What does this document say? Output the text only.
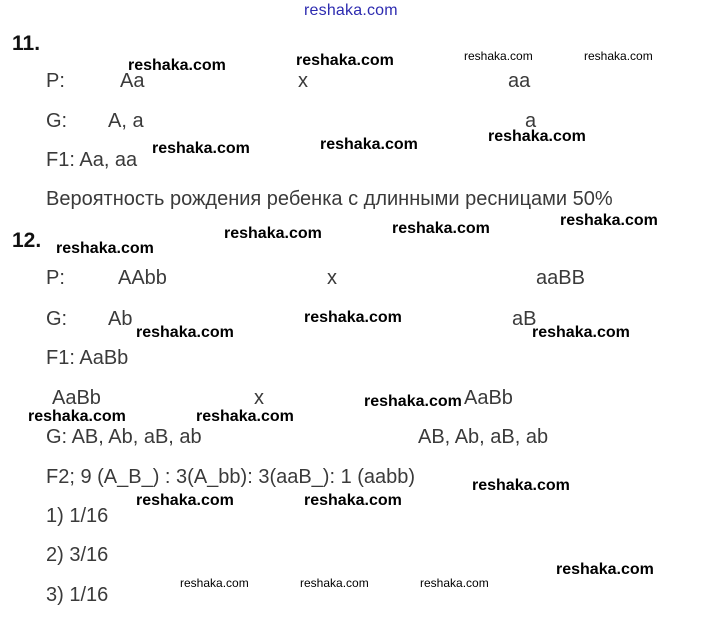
reshaka.com
11.
P:	Aa	x	aa
G: A, a	a
F1: Aa, aa
Вероятность рождения ребенка с длинными ресницами 50%
12.
P:	AAbb	x	aaBB
G: Ab	aB
F1: AaBb
AaBb	x	AaBb
G: AB, Ab, aB, ab	AB, Ab, aB, ab
F2; 9 (A_B_) : 3(A_bb): 3(aaB_): 1 (aabb)
1) 1/16
2) 3/16
3) 1/16
reshaka.com	reshaka.com	reshaka.com	reshaka.com
reshaka.com	reshaka.com	reshaka.com
reshaka.com
reshaka.com	reshaka.com	reshaka.com
reshaka.com
reshaka.com
reshaka.com
reshaka.com	reshaka.com
reshaka.com
reshaka.com
reshaka.com	reshaka.com
reshaka.com	reshaka.com	reshaka.com
reshaka.com
